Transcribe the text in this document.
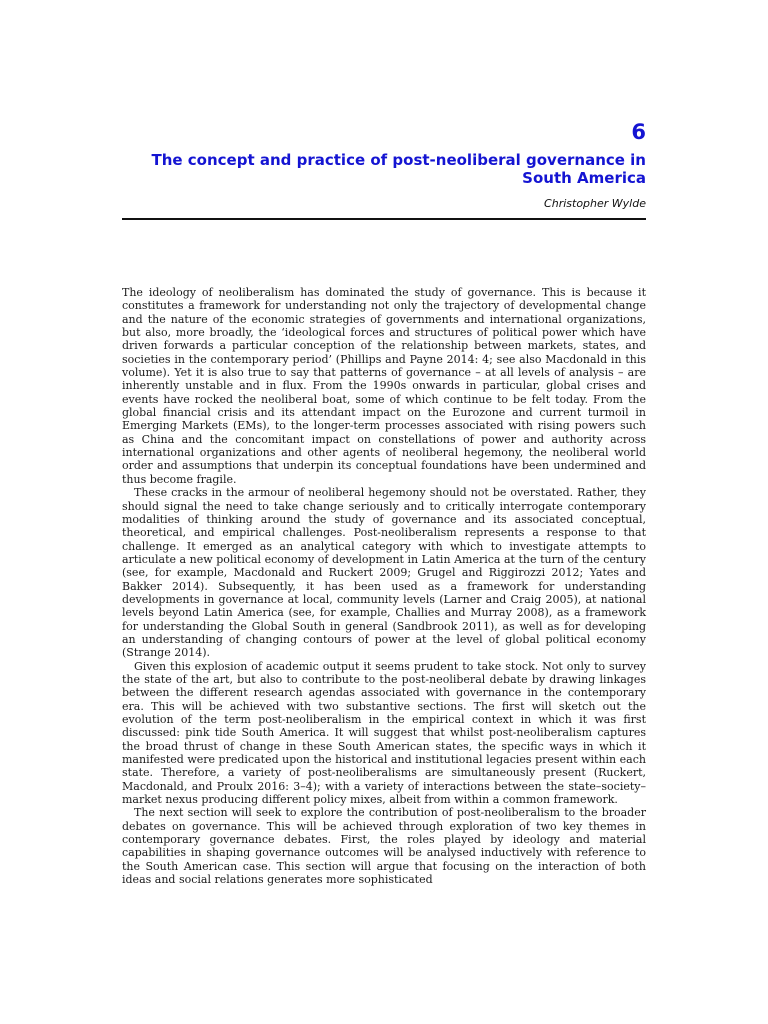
6
The concept and practice of post-neoliberal governance in
South America
Christopher Wylde

The ideology of neoliberalism has dominated the study of governance. This is because it constitutes a framework for understanding not only the trajectory of developmental change and the nature of the economic strategies of governments and international organizations, but also, more broadly, the ‘ideological forces and structures of political power which have driven forwards a particular conception of the relationship between markets, states, and societies in the contemporary period’ (Phillips and Payne 2014: 4; see also Macdonald in this volume). Yet it is also true to say that patterns of governance – at all levels of analysis – are inherently unstable and in flux. From the 1990s onwards in particular, global crises and events have rocked the neoliberal boat, some of which continue to be felt today. From the global financial crisis and its attendant impact on the Eurozone and current turmoil in Emerging Markets (EMs), to the longer-term processes associated with rising powers such as China and the concomitant impact on constellations of power and authority across international organizations and other agents of neoliberal hegemony, the neoliberal world order and assumptions that underpin its conceptual foundations have been undermined and thus become fragile.

These cracks in the armour of neoliberal hegemony should not be overstated. Rather, they should signal the need to take change seriously and to critically interrogate contemporary modalities of thinking around the study of governance and its associated conceptual, theoretical, and empirical challenges. Post-neoliberalism represents a response to that challenge. It emerged as an analytical category with which to investigate attempts to articulate a new political economy of development in Latin America at the turn of the century (see, for example, Macdonald and Ruckert 2009; Grugel and Riggirozzi 2012; Yates and Bakker 2014). Subsequently, it has been used as a framework for understanding developments in governance at local, community levels (Larner and Craig 2005), at national levels beyond Latin America (see, for example, Challies and Murray 2008), as a framework for understanding the Global South in general (Sandbrook 2011), as well as for developing an understanding of changing contours of power at the level of global political economy (Strange 2014).

Given this explosion of academic output it seems prudent to take stock. Not only to survey the state of the art, but also to contribute to the post-neoliberal debate by drawing linkages between the different research agendas associated with governance in the contemporary era. This will be achieved with two substantive sections. The first will sketch out the evolution of the term post-neoliberalism in the empirical context in which it was first discussed: pink tide South America. It will suggest that whilst post-neoliberalism captures the broad thrust of change in these South American states, the specific ways in which it manifested were predicated upon the historical and institutional legacies present within each state. Therefore, a variety of post-neoliberalisms are simultaneously present (Ruckert, Macdonald, and Proulx 2016: 3–4); with a variety of interactions between the state–society–market nexus producing different policy mixes, albeit from within a common framework.

The next section will seek to explore the contribution of post-neoliberalism to the broader debates on governance. This will be achieved through exploration of two key themes in contemporary governance debates. First, the roles played by ideology and material capabilities in shaping governance outcomes will be analysed inductively with reference to the South American case. This section will argue that focusing on the interaction of both ideas and social relations generates more sophisticated
